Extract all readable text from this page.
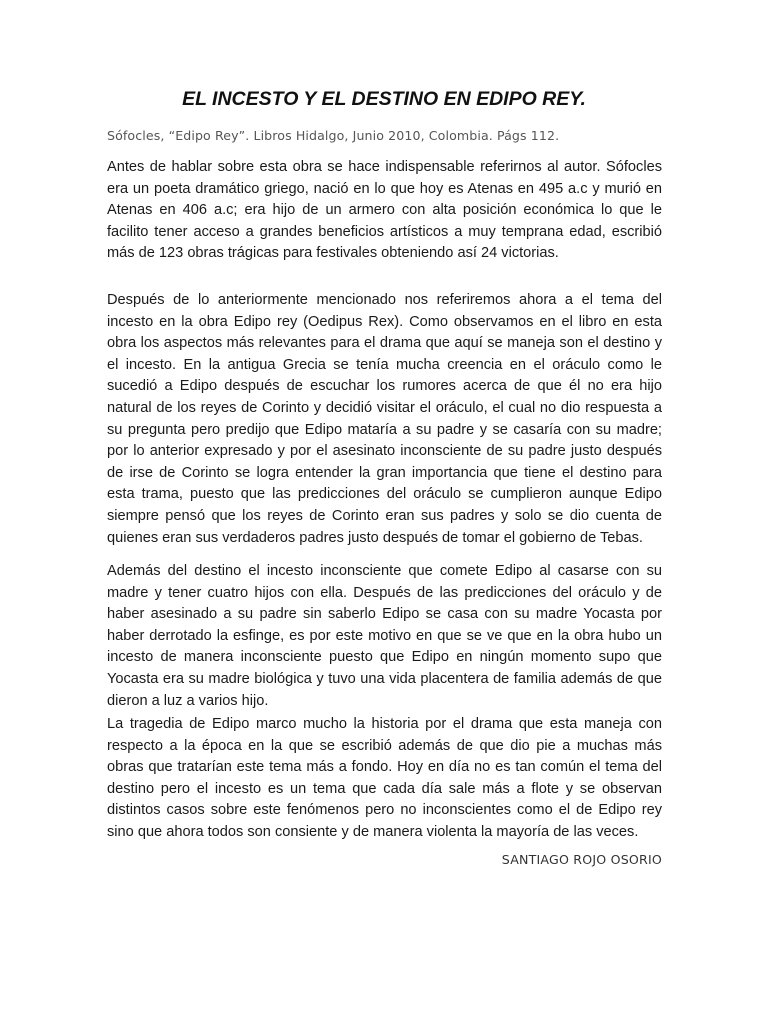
EL INCESTO Y EL DESTINO EN EDIPO REY.

Sófocles, “Edipo Rey”. Libros Hidalgo, Junio 2010, Colombia. Págs 112.

Antes de hablar sobre esta obra se hace indispensable referirnos al autor. Sófocles era un poeta dramático griego, nació en lo que hoy es Atenas en 495 a.c y murió en Atenas en 406 a.c; era hijo de un armero con alta posición económica lo que le facilito tener acceso a grandes beneficios artísticos a muy temprana edad, escribió más de 123 obras trágicas para festivales obteniendo así 24 victorias.

Después de lo anteriormente mencionado nos referiremos ahora a el tema del incesto en la obra Edipo rey (Oedipus Rex). Como observamos en el libro en esta obra los aspectos más relevantes para el drama que aquí se maneja son el destino y el incesto. En la antigua Grecia se tenía mucha creencia en el oráculo como le sucedió a Edipo después de escuchar los rumores acerca de que él no era hijo natural de los reyes de Corinto y decidió visitar el oráculo, el cual no dio respuesta a su pregunta pero predijo que Edipo mataría a su padre y se casaría con su madre; por lo anterior expresado y por el asesinato inconsciente de su padre justo después de irse de Corinto se logra entender la gran importancia que tiene el destino para esta trama, puesto que las predicciones del oráculo se cumplieron aunque Edipo siempre pensó que los reyes de Corinto eran sus padres y solo se dio cuenta de quienes eran sus verdaderos padres justo después de tomar el gobierno de Tebas.

Además del destino el incesto inconsciente que comete Edipo al casarse con su madre y tener cuatro hijos con ella. Después de las predicciones del oráculo y de haber asesinado a su padre sin saberlo Edipo se casa con su madre Yocasta por haber derrotado la esfinge, es por este motivo en que se ve que en la obra hubo un incesto de manera inconsciente puesto que Edipo en ningún momento supo que Yocasta era su madre biológica y tuvo una vida placentera de familia además de que dieron a luz a varios hijo.

La tragedia de Edipo marco mucho la historia por el drama que esta maneja con respecto a la época en la que se escribió además de que dio pie a muchas más obras que tratarían este tema más a fondo. Hoy en día no es tan común el tema del destino pero el incesto es un tema que cada día sale más a flote y se observan distintos casos sobre este fenómenos pero no inconscientes como el de Edipo rey sino que ahora todos son consiente y de manera violenta la mayoría de las veces.

SANTIAGO ROJO OSORIO
